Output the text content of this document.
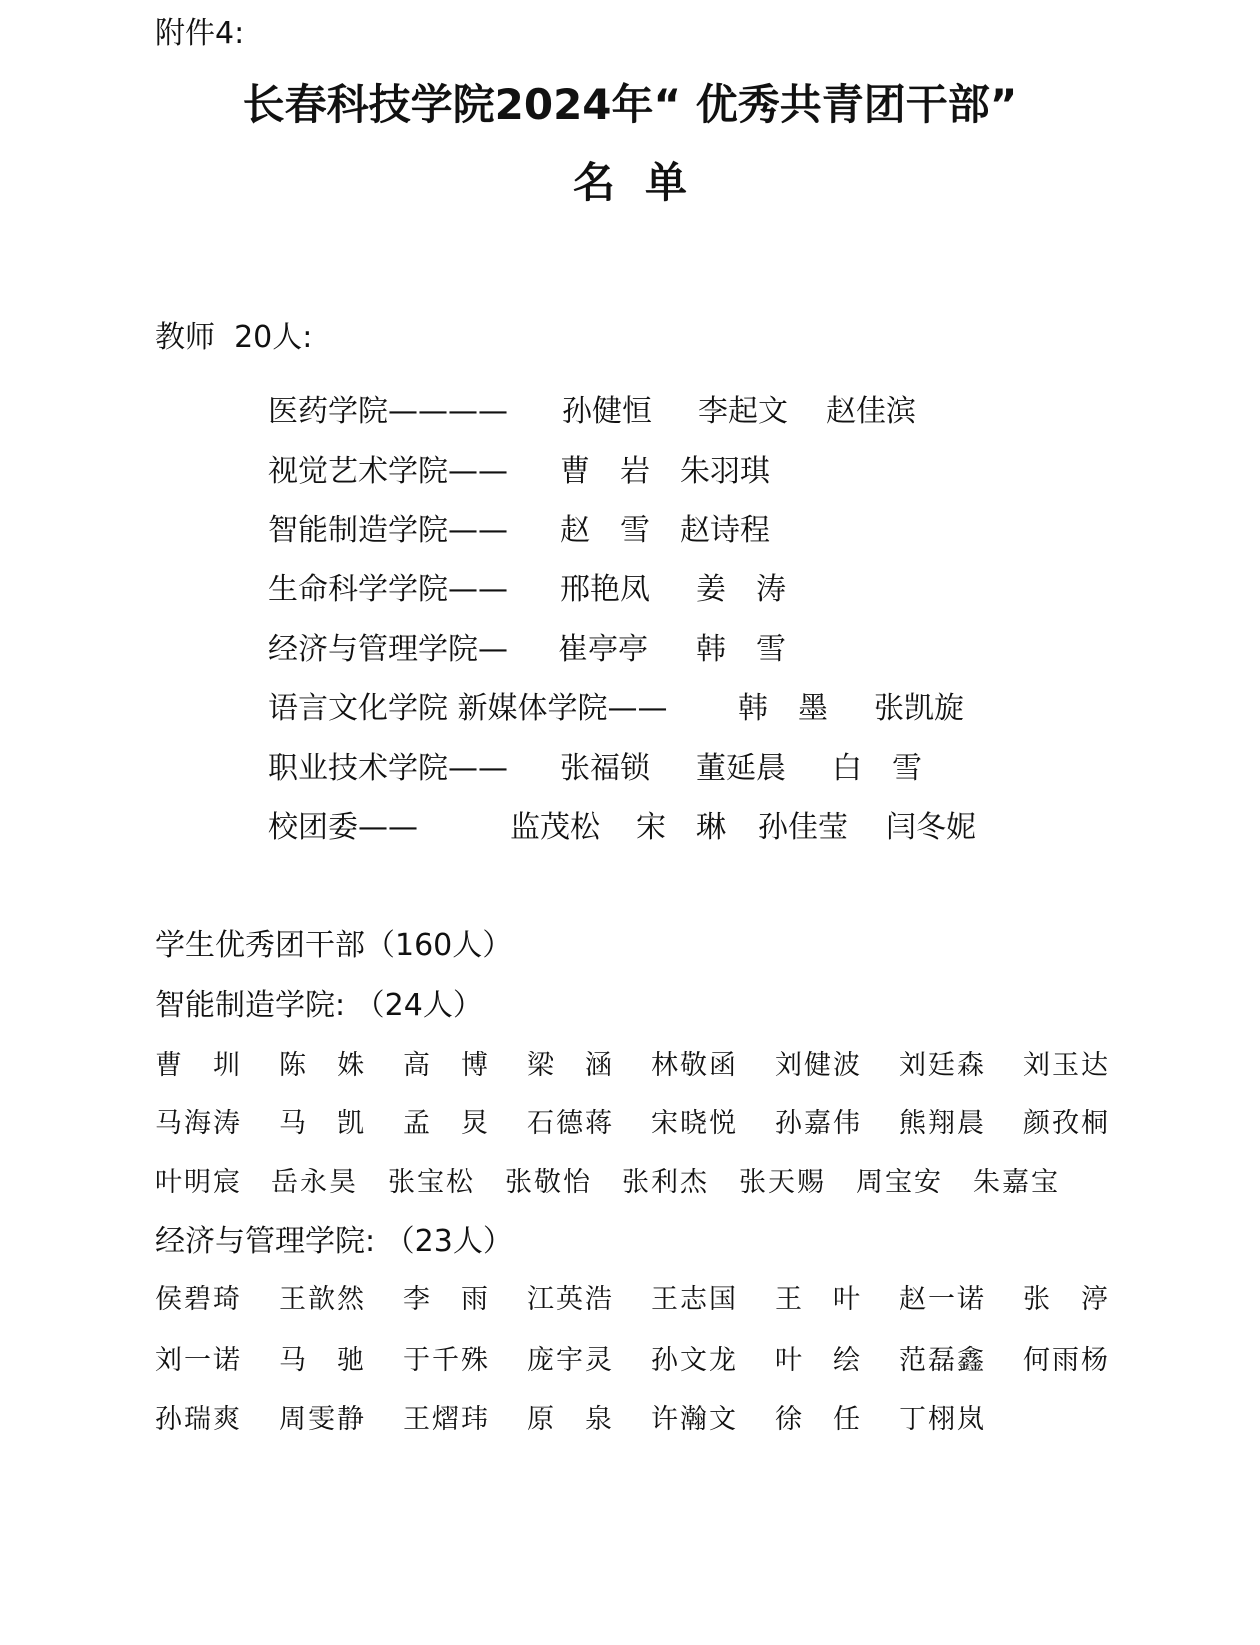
附件4:
长春科技学院2024年“ 优秀共青团干部”
名单
教师  20人:

医药学院————

孙健恒

李起文

赵佳滨

视觉艺术学院——

曹　岩

朱羽琪

智能制造学院——

赵　雪

赵诗程

生命科学学院——

邢艳凤

姜　涛

经济与管理学院—

崔亭亭

韩　雪

语言文化学院 新媒体学院——

韩　墨

张凯旋

职业技术学院——

张福锁

董延晨

白　雪

校团委——

	监茂松

宋　琳

孙佳莹

闫冬妮

学生优秀团干部（160人）
智能制造学院: （24人）

曹　圳

陈　姝

高　博

梁　涵

林敬函

刘健波

刘廷森

刘玉达

马海涛

马　凯

孟　炅

石德蒋

宋晓悦

孙嘉伟

熊翔晨

颜孜桐

叶明宸

岳永昊

张宝松

张敬怡

张利杰

张天赐

周宝安

朱嘉宝

经济与管理学院: （23人）

侯碧琦

王歆然

李　雨

江英浩

王志国

王　叶

赵一诺

张　渟

刘一诺

马　驰

于千殊

庞宇灵

孙文龙

叶　绘

范磊鑫

何雨杨

孙瑞爽

周雯静

王熠玮

原　泉

许瀚文

徐　任

丁栩岚
